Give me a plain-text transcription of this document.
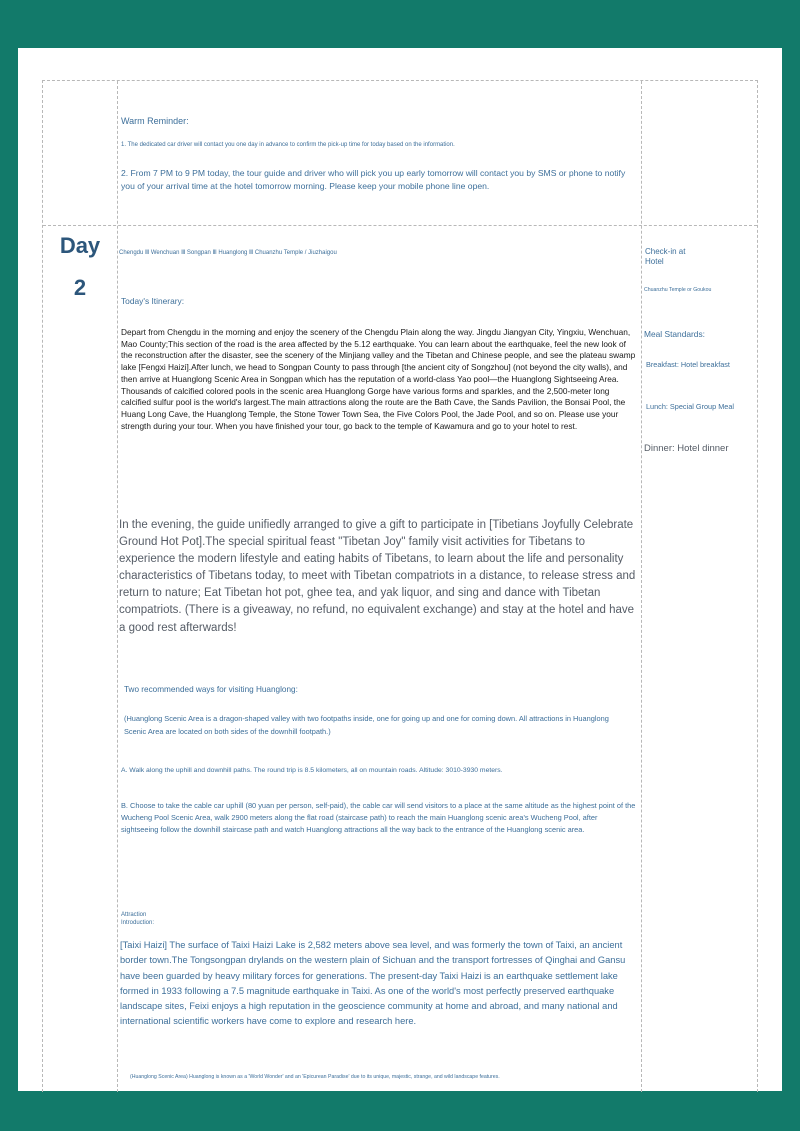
Warm Reminder:

1. The dedicated car driver will contact you one day in advance to confirm the pick-up time for today based on the information.

2. From 7 PM to 9 PM today, the tour guide and driver who will pick you up early tomorrow will contact you by SMS or phone to notify you of your arrival time at the hotel tomorrow morning. Please keep your mobile phone line open.

Day
2

Chengdu Ⅲ Wenchuan Ⅲ Songpan Ⅲ Huanglong Ⅲ Chuanzhu Temple / Jiuzhaigou

Today's Itinerary:

Depart from Chengdu in the morning and enjoy the scenery of the Chengdu Plain along the way. Jingdu Jiangyan City, Yingxiu, Wenchuan, Mao County;This section of the road is the area affected by the 5.12 earthquake. You can learn about the earthquake, feel the new look of the reconstruction after the disaster, see the scenery of the Minjiang valley and the Tibetan and Chinese people, and see the plateau swamp lake [Fengxi Haizi].After lunch, we head to Songpan County to pass through [the ancient city of Songzhou] (not beyond the city walls), and then arrive at Huanglong Scenic Area in Songpan which has the reputation of a world-class Yao pool—the Huanglong Sightseeing Area. Thousands of calcified colored pools in the scenic area Huanglong Gorge have various forms and sparkles, and the 2,500-meter long calcified sulfur pool is the world's largest.The main attractions along the route are the Bath Cave, the Sands Pavilion, the Bonsai Pool, the Huang Long Cave, the Huanglong Temple, the Stone Tower Town Sea, the Five Colors Pool, the Jade Pool, and so on. Please use your strength during your tour. When you have finished your tour, go back to the temple of Kawamura and go to your hotel to rest.

In the evening, the guide unifiedly arranged to give a gift to participate in [Tibetians Joyfully Celebrate Ground Hot Pot].The special spiritual feast "Tibetan Joy" family visit activities for Tibetans to experience the modern lifestyle and eating habits of Tibetans, to learn about the life and personality characteristics of Tibetans today, to meet with Tibetan compatriots in a distance, to release stress and return to nature; Eat Tibetan hot pot, ghee tea, and yak liquor, and sing and dance with Tibetan compatriots. (There is a giveaway, no refund, no equivalent exchange) and stay at the hotel and have a good rest afterwards!

Two recommended ways for visiting Huanglong:

(Huanglong Scenic Area is a dragon-shaped valley with two footpaths inside, one for going up and one for coming down. All attractions in Huanglong Scenic Area are located on both sides of the downhill footpath.)

A. Walk along the uphill and downhill paths. The round trip is 8.5 kilometers, all on mountain roads. Altitude: 3010-3930 meters.

B. Choose to take the cable car uphill (80 yuan per person, self-paid), the cable car will send visitors to a place at the same altitude as the highest point of the Wucheng Pool Scenic Area, walk 2900 meters along the flat road (staircase path) to reach the main Huanglong scenic area's Wucheng Pool, after sightseeing follow the downhill staircase path and watch Huanglong attractions all the way back to the entrance of the Huanglong scenic area.

Attraction

Introduction:

[Taixi Haizi] The surface of Taixi Haizi Lake is 2,582 meters above sea level, and was formerly the town of Taixi, an ancient border town.The Tongsongpan drylands on the western plain of Sichuan and the transport fortresses of Qinghai and Gansu have been guarded by heavy military forces for generations. The present-day Taixi Haizi is an earthquake settlement lake formed in 1933 following a 7.5 magnitude earthquake in Taixi. As one of the world's most perfectly preserved earthquake landscape sites, Feixi enjoys a high reputation in the geoscience community at home and abroad, and many national and international scientific workers have come to explore and research here.

(Huanglong Scenic Area) Huanglong is known as a 'World Wonder' and an 'Epicurean Paradise' due to its unique, majestic, strange, and wild landscape features.

Check-in at

Hotel

Chuanzhu Temple or Goukou

Meal Standards:

Breakfast: Hotel breakfast

Lunch: Special Group Meal

Dinner: Hotel dinner
